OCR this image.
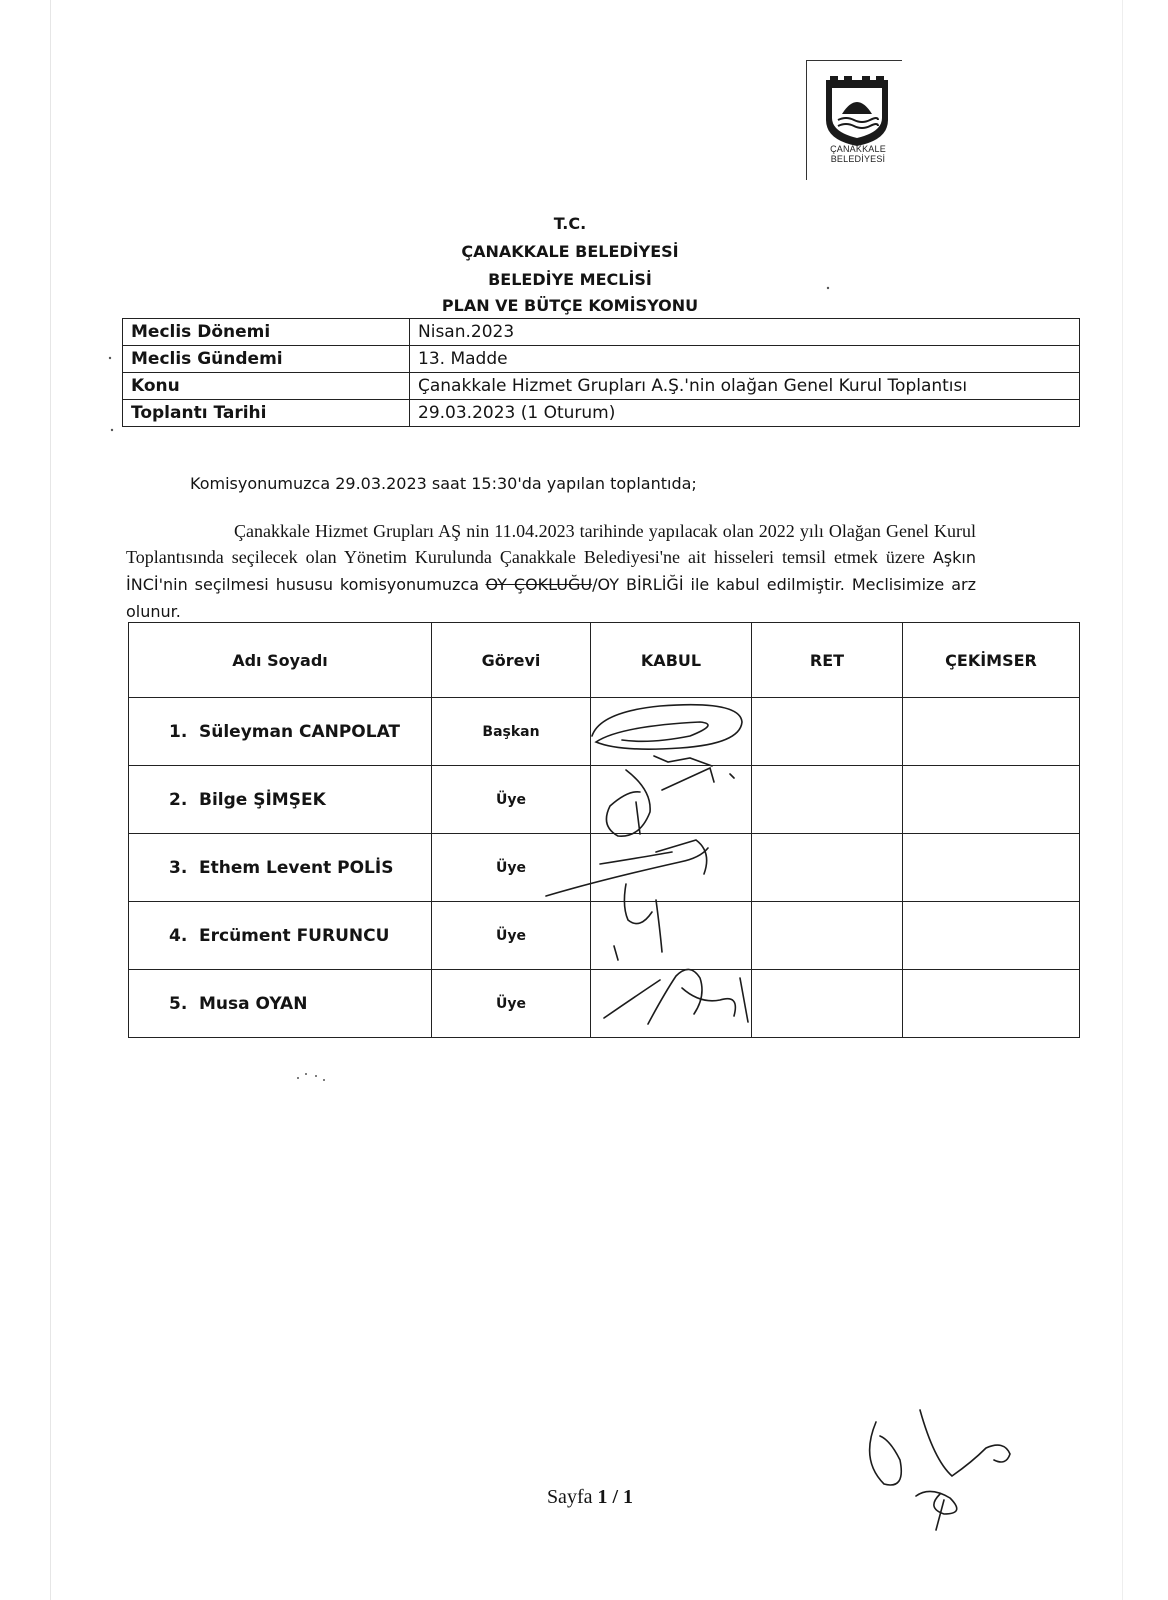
ÇANAKKALE
BELEDİYESİ
T.C.
ÇANAKKALE BELEDİYESİ
BELEDİYE MECLİSİ
PLAN VE BÜTÇE KOMİSYONU
Meclis Dönemi	Nisan.2023
Meclis Gündemi	13. Madde
Konu	Çanakkale Hizmet Grupları A.Ş.'nin olağan Genel Kurul Toplantısı
Toplantı Tarihi	29.03.2023 (1 Oturum)
Komisyonumuzca 29.03.2023 saat 15:30'da yapılan toplantıda;
Çanakkale Hizmet Grupları AŞ nin 11.04.2023 tarihinde yapılacak olan 2022 yılı Olağan Genel Kurul Toplantısında seçilecek olan Yönetim Kurulunda Çanakkale Belediyesi'ne ait hisseleri temsil etmek üzere Aşkın İNCİ'nin seçilmesi hususu komisyonumuzca OY ÇOKLUĞU/OY BİRLİĞİ ile kabul edilmiştir. Meclisimize arz olunur.
Adı Soyadı	Görevi	KABUL	RET	ÇEKİMSER
1. Süleyman CANPOLAT	Başkan			
2. Bilge ŞİMŞEK	Üye			
3. Ethem Levent POLİS	Üye			
4. Ercüment FURUNCU	Üye			
5. Musa OYAN	Üye			
Sayfa 1 / 1
